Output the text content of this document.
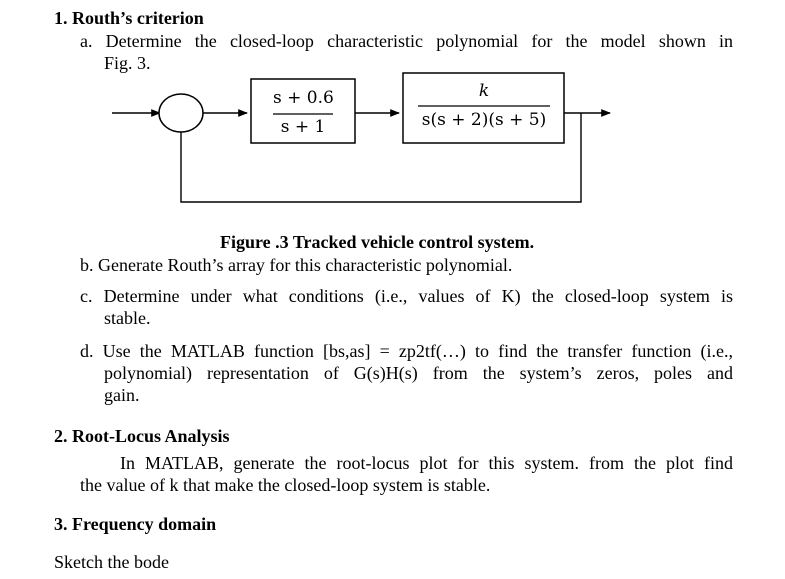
1. Routh’s criterion
a. Determine the closed-loop characteristic polynomial for the model shown in
Fig. 3.
s + 0.6
s + 1
k
s(s + 2)(s + 5)
Figure .3 Tracked vehicle control system.
b. Generate Routh’s array for this characteristic polynomial.
c. Determine under what conditions (i.e., values of K) the closed-loop system is
stable.
d. Use the MATLAB function [bs,as] = zp2tf(…) to find the transfer function (i.e.,
polynomial) representation of G(s)H(s) from the system’s zeros, poles and
gain.
2. Root-Locus Analysis
In MATLAB, generate the root-locus plot for this system. from the plot find
the value of k that make the closed-loop system is stable.
3. Frequency domain
Sketch the bode
